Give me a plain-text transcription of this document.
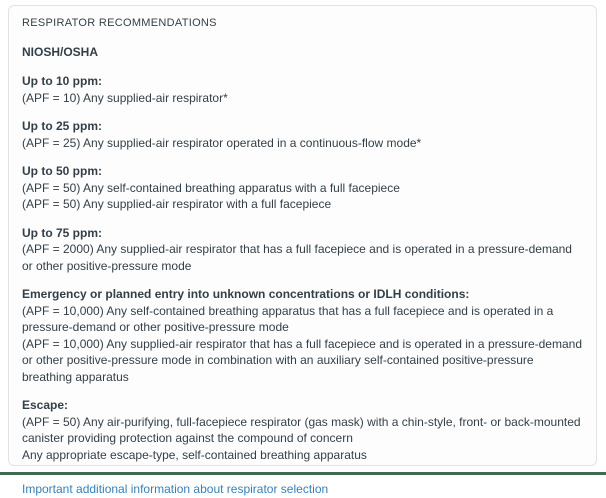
RESPIRATOR RECOMMENDATIONS
NIOSH/OSHA

Up to 10 ppm:

(APF = 10) Any supplied-air respirator*

Up to 25 ppm:

(APF = 25) Any supplied-air respirator operated in a continuous-flow mode*

Up to 50 ppm:

(APF = 50) Any self-contained breathing apparatus with a full facepiece

(APF = 50) Any supplied-air respirator with a full facepiece

Up to 75 ppm:

(APF = 2000) Any supplied-air respirator that has a full facepiece and is operated in a pressure-demand or other positive-pressure mode

Emergency or planned entry into unknown concentrations or IDLH conditions:

(APF = 10,000) Any self-contained breathing apparatus that has a full facepiece and is operated in a pressure-demand or other positive-pressure mode

(APF = 10,000) Any supplied-air respirator that has a full facepiece and is operated in a pressure-demand or other positive-pressure mode in combination with an auxiliary self-contained positive-pressure breathing apparatus

Escape:

(APF = 50) Any air-purifying, full-facepiece respirator (gas mask) with a chin-style, front- or back-mounted canister providing protection against the compound of concern

Any appropriate escape-type, self-contained breathing apparatus

Important additional information about respirator selection
